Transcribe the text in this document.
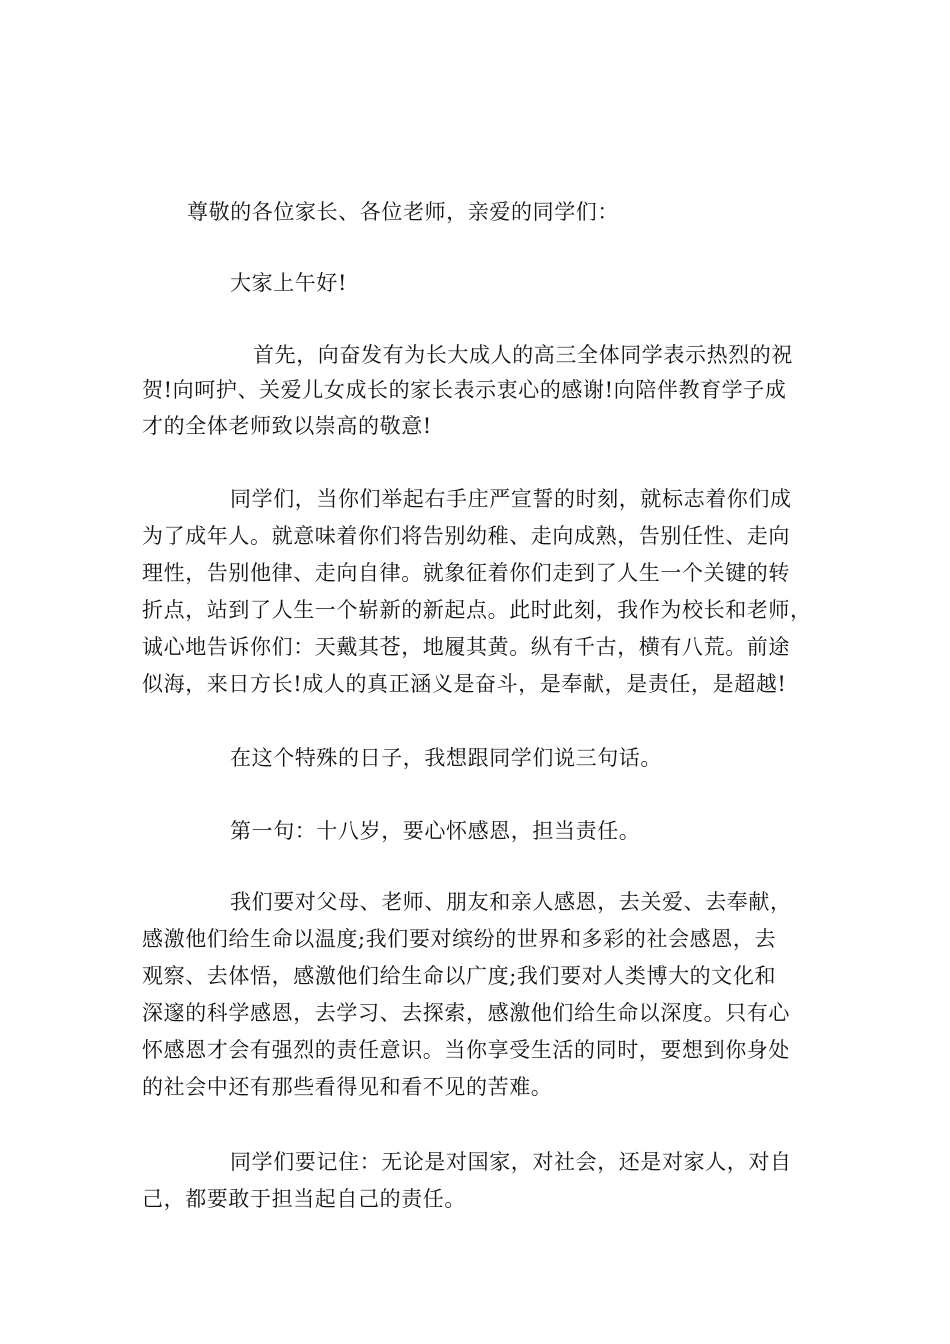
尊敬的各位家长、各位老师，亲爱的同学们：
大家上午好!
首先，向奋发有为长大成人的高三全体同学表示热烈的祝
贺!向呵护、关爱儿女成长的家长表示衷心的感谢!向陪伴教育学子成
才的全体老师致以崇高的敬意!
同学们，当你们举起右手庄严宣誓的时刻，就标志着你们成
为了成年人。就意味着你们将告别幼稚、走向成熟，告别任性、走向
理性，告别他律、走向自律。就象征着你们走到了人生一个关键的转
折点，站到了人生一个崭新的新起点。此时此刻，我作为校长和老师，
诚心地告诉你们：天戴其苍，地履其黄。纵有千古，横有八荒。前途
似海，来日方长!成人的真正涵义是奋斗，是奉献，是责任，是超越!
在这个特殊的日子，我想跟同学们说三句话。
第一句：十八岁，要心怀感恩，担当责任。
我们要对父母、老师、朋友和亲人感恩，去关爱、去奉献，
感激他们给生命以温度;我们要对缤纷的世界和多彩的社会感恩，去
观察、去体悟，感激他们给生命以广度;我们要对人类博大的文化和
深邃的科学感恩，去学习、去探索，感激他们给生命以深度。只有心
怀感恩才会有强烈的责任意识。当你享受生活的同时，要想到你身处
的社会中还有那些看得见和看不见的苦难。
同学们要记住：无论是对国家，对社会，还是对家人，对自
己，都要敢于担当起自己的责任。
